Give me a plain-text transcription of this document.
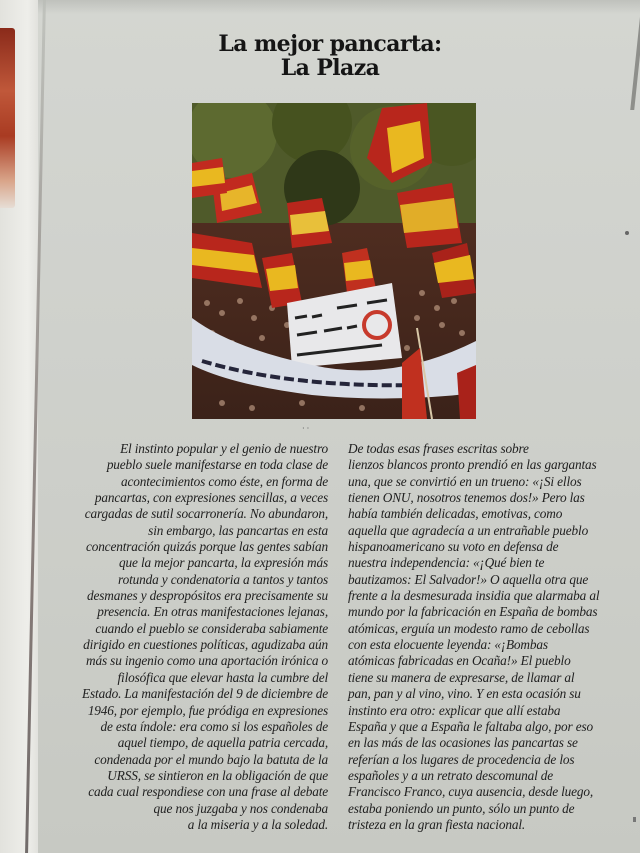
La mejor pancarta:
La Plaza
· ·
El instinto popular y el genio de nuestro
pueblo suele manifestarse en toda clase de
acontecimientos como éste, en forma de
pancartas, con expresiones sencillas, a veces
cargadas de sutil socarronería. No abundaron,
sin embargo, las pancartas en esta
concentración quizás porque las gentes sabían
que la mejor pancarta, la expresión más
rotunda y condenatoria a tantos y tantos
desmanes y despropósitos era precisamente su
presencia. En otras manifestaciones lejanas,
cuando el pueblo se consideraba sabiamente
dirigido en cuestiones políticas, agudizaba aún
más su ingenio como una aportación irónica o
filosófica que elevar hasta la cumbre del
Estado. La manifestación del 9 de diciembre de
1946, por ejemplo, fue pródiga en expresiones
de esta índole: era como si los españoles de
aquel tiempo, de aquella patria cercada,
condenada por el mundo bajo la batuta de la
URSS, se sintieron en la obligación de que
cada cual respondiese con una frase al debate
que nos juzgaba y nos condenaba
a la miseria y a la soledad.
De todas esas frases escritas sobre
lienzos blancos pronto prendió en las gargantas
una, que se convirtió en un trueno: «¡Si ellos
tienen ONU, nosotros tenemos dos!» Pero las
había también delicadas, emotivas, como
aquella que agradecía a un entrañable pueblo
hispanoamericano su voto en defensa de
nuestra independencia: «¡Qué bien te
bautizamos: El Salvador!» O aquella otra que
frente a la desmesurada insidia que alarmaba al
mundo por la fabricación en España de bombas
atómicas, erguía un modesto ramo de cebollas
con esta elocuente leyenda: «¡Bombas
atómicas fabricadas en Ocaña!» El pueblo
tiene su manera de expresarse, de llamar al
pan, pan y al vino, vino. Y en esta ocasión su
instinto era otro: explicar que allí estaba
España y que a España le faltaba algo, por eso
en las más de las ocasiones las pancartas se
referían a los lugares de procedencia de los
españoles y a un retrato descomunal de
Francisco Franco, cuya ausencia, desde luego,
estaba poniendo un punto, sólo un punto de
tristeza en la gran fiesta nacional.
